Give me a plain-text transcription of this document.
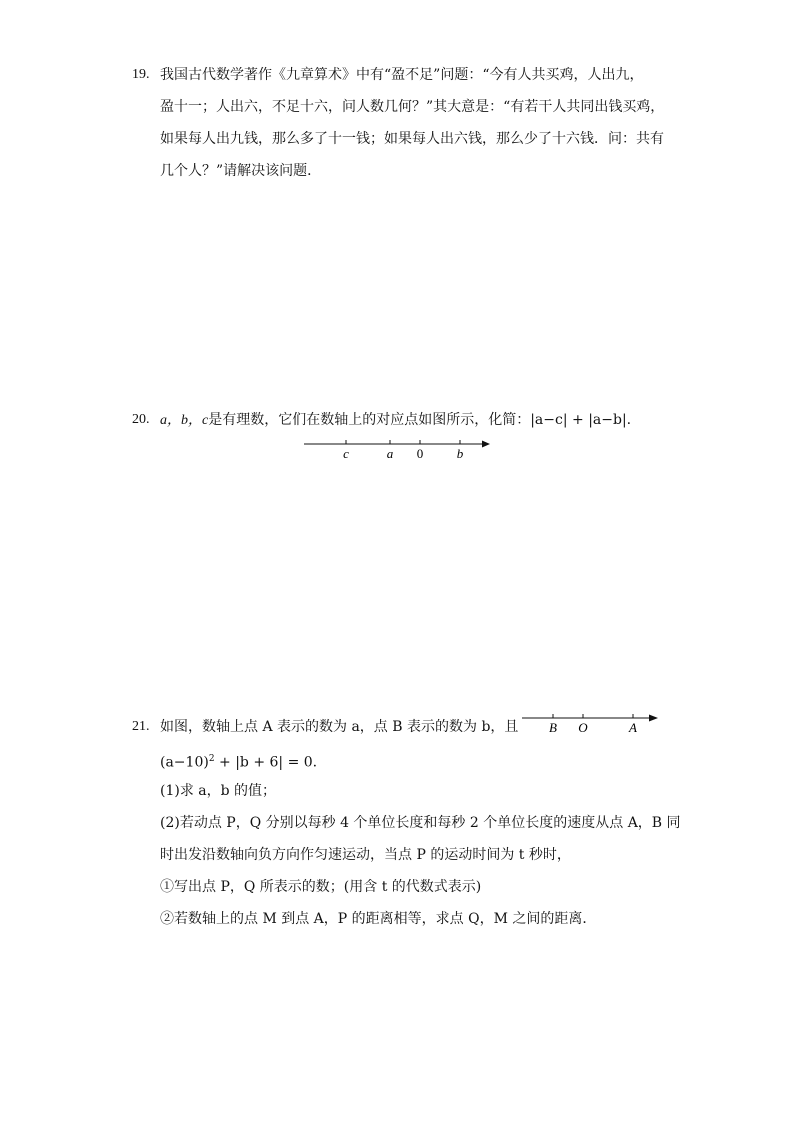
19. 我国古代数学著作《九章算术》中有“盈不足”问题：“今有人共买鸡，人出九，
盈十一；人出六，不足十六，问人数几何？”其大意是：“有若干人共同出钱买鸡，
如果每人出九钱，那么多了十一钱；如果每人出六钱，那么少了十六钱．问：共有
几个人？”请解决该问题．
20. a，b，c是有理数，它们在数轴上的对应点如图所示，化简：|a−c| + |a−b|.
c	a 0	b
21. 如图，数轴上点 A 表示的数为 a，点 B 表示的数为 b，且 B O	A
$(a-10)^2 + |b + 6| = 0$.
(1)求 a，b 的值；
(2)若动点 P，Q 分别以每秒 4 个单位长度和每秒 2 个单位长度的速度从点 A，B 同
时出发沿数轴向负方向作匀速运动，当点 P 的运动时间为 t 秒时，
①写出点 P，Q 所表示的数；(用含 t 的代数式表示)
②若数轴上的点 M 到点 A，P 的距离相等，求点 Q，M 之间的距离．
